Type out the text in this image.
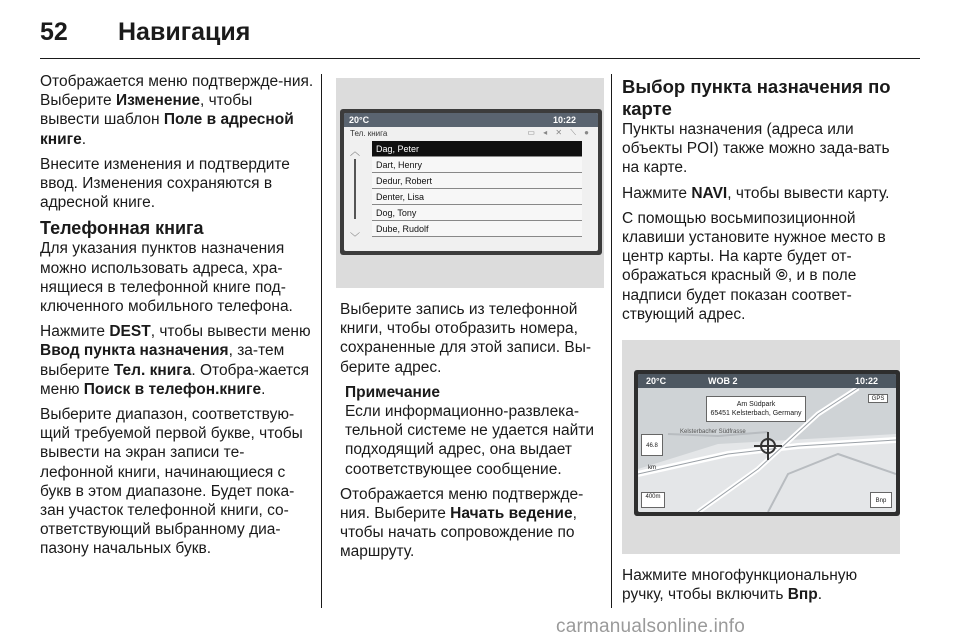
52 Навигация

Отображается меню подтвержде-ния. Выберите Изменение, чтобы вывести шаблон Поле в адресной книге.

Внесите изменения и подтвердите ввод. Изменения сохраняются в адресной книге.

Телефонная книга

Для указания пунктов назначения можно использовать адреса, хра-нящиеся в телефонной книге под-ключенного мобильного телефона.

Нажмите DEST, чтобы вывести меню Ввод пункта назначения, за-тем выберите Тел. книга. Отобра-жается меню Поиск в телефон.книге.

Выберите диапазон, соответствую-щий требуемой первой букве, чтобы вывести на экран записи те-лефонной книги, начинающиеся с букв в этом диапазоне. Будет пока-зан участок телефонной книги, со-ответствующий выбранному диа-пазону начальных букв.

20°C	10:22
Тел. книга	▭ ◂ ✕ ⟍ ●
︿
﹀
Dag, Peter
Dart, Henry
Dedur, Robert
Denter, Lisa
Dog, Tony
Dube, Rudolf

Выберите запись из телефонной книги, чтобы отобразить номера, сохраненные для этой записи. Вы-берите адрес.

Примечание
Если информационно-развлека-тельной системе не удается найти подходящий адрес, она выдает соответствующее сообщение.

Отображается меню подтвержде-ния. Выберите Начать ведение, чтобы начать сопровождение по маршруту.

Выбор пункта назначения по карте

Пункты назначения (адреса или объекты POI) также можно зада-вать на карте.

Нажмите NAVI, чтобы вывести карту.

С помощью восьмипозиционной клавиши установите нужное место в центр карты. На карте будет от-ображаться красный ⦾, и в поле надписи будет показан соответ-ствующий адрес.

20°C	WOB 2	10:22
Am Südpark
65451 Kelsterbach, Germany
GPS
46.8 km
Kelsterbacher Südfrasse
400m
Bnp

Нажмите многофункциональную ручку, чтобы включить Впр.

carmanualsonline.info
